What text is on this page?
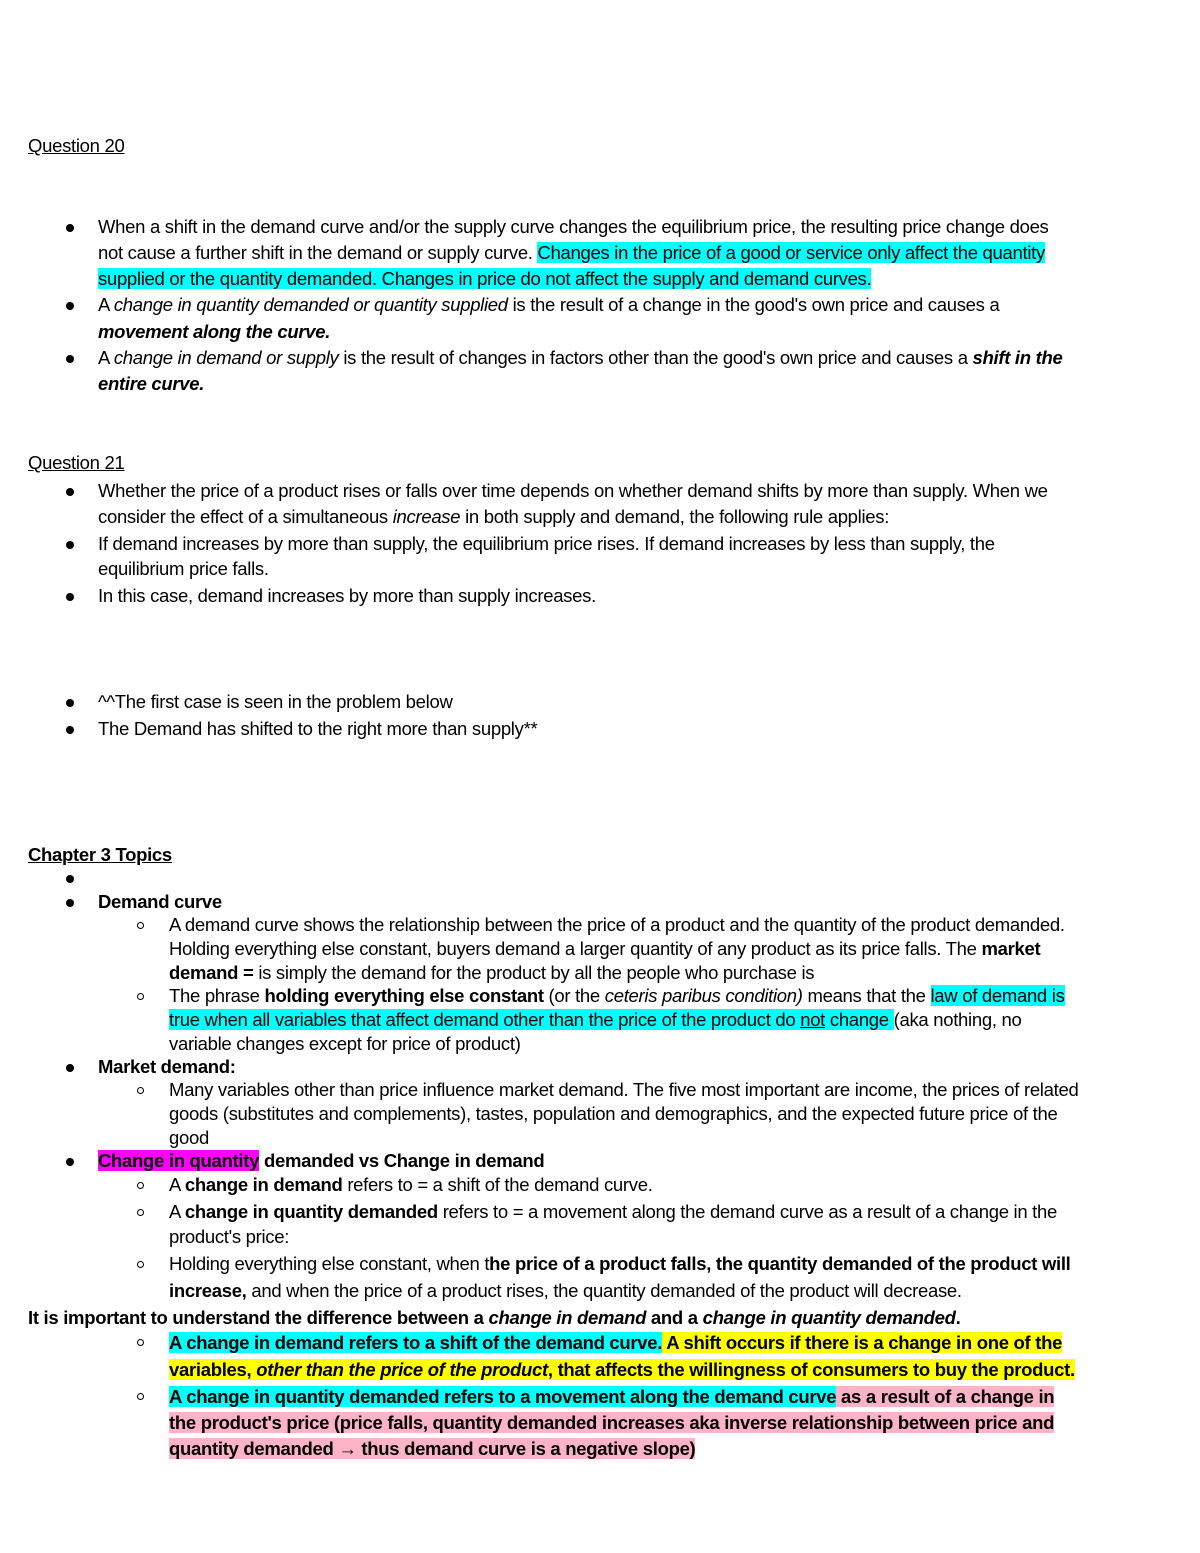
Question 20
When a shift in the demand curve and/or the supply curve changes the equilibrium price, the resulting price change does
not cause a further shift in the demand or supply curve. Changes in the price of a good or service only affect the quantity
supplied or the quantity demanded. Changes in price do not affect the supply and demand curves.
A change in quantity demanded or quantity supplied is the result of a change in the good's own price and causes a
movement along the curve.
A change in demand or supply is the result of changes in factors other than the good's own price and causes a shift in the
entire curve.
Question 21
Whether the price of a product rises or falls over time depends on whether demand shifts by more than supply. When we
consider the effect of a simultaneous increase in both supply and demand, the following rule applies:
If demand increases by more than supply, the equilibrium price rises. If demand increases by less than supply, the
equilibrium price falls.
In this case, demand increases by more than supply increases.
^^The first case is seen in the problem below
The Demand has shifted to the right more than supply**
Chapter 3 Topics
Demand curve
A demand curve shows the relationship between the price of a product and the quantity of the product demanded.
Holding everything else constant, buyers demand a larger quantity of any product as its price falls. The market
demand = is simply the demand for the product by all the people who purchase is
The phrase holding everything else constant (or the ceteris paribus condition) means that the law of demand is
true when all variables that affect demand other than the price of the product do not change (aka nothing, no
variable changes except for price of product)
Market demand:
Many variables other than price influence market demand. The five most important are income, the prices of related
goods (substitutes and complements), tastes, population and demographics, and the expected future price of the
good
Change in quantity demanded vs Change in demand
A change in demand refers to = a shift of the demand curve.
A change in quantity demanded refers to = a movement along the demand curve as a result of a change in the
product's price:
Holding everything else constant, when the price of a product falls, the quantity demanded of the product will
increase, and when the price of a product rises, the quantity demanded of the product will decrease.
It is important to understand the difference between a change in demand and a change in quantity demanded.
A change in demand refers to a shift of the demand curve. A shift occurs if there is a change in one of the
variables, other than the price of the product, that affects the willingness of consumers to buy the product.
A change in quantity demanded refers to a movement along the demand curve as a result of a change in
the product's price (price falls, quantity demanded increases aka inverse relationship between price and
quantity demanded → thus demand curve is a negative slope)
